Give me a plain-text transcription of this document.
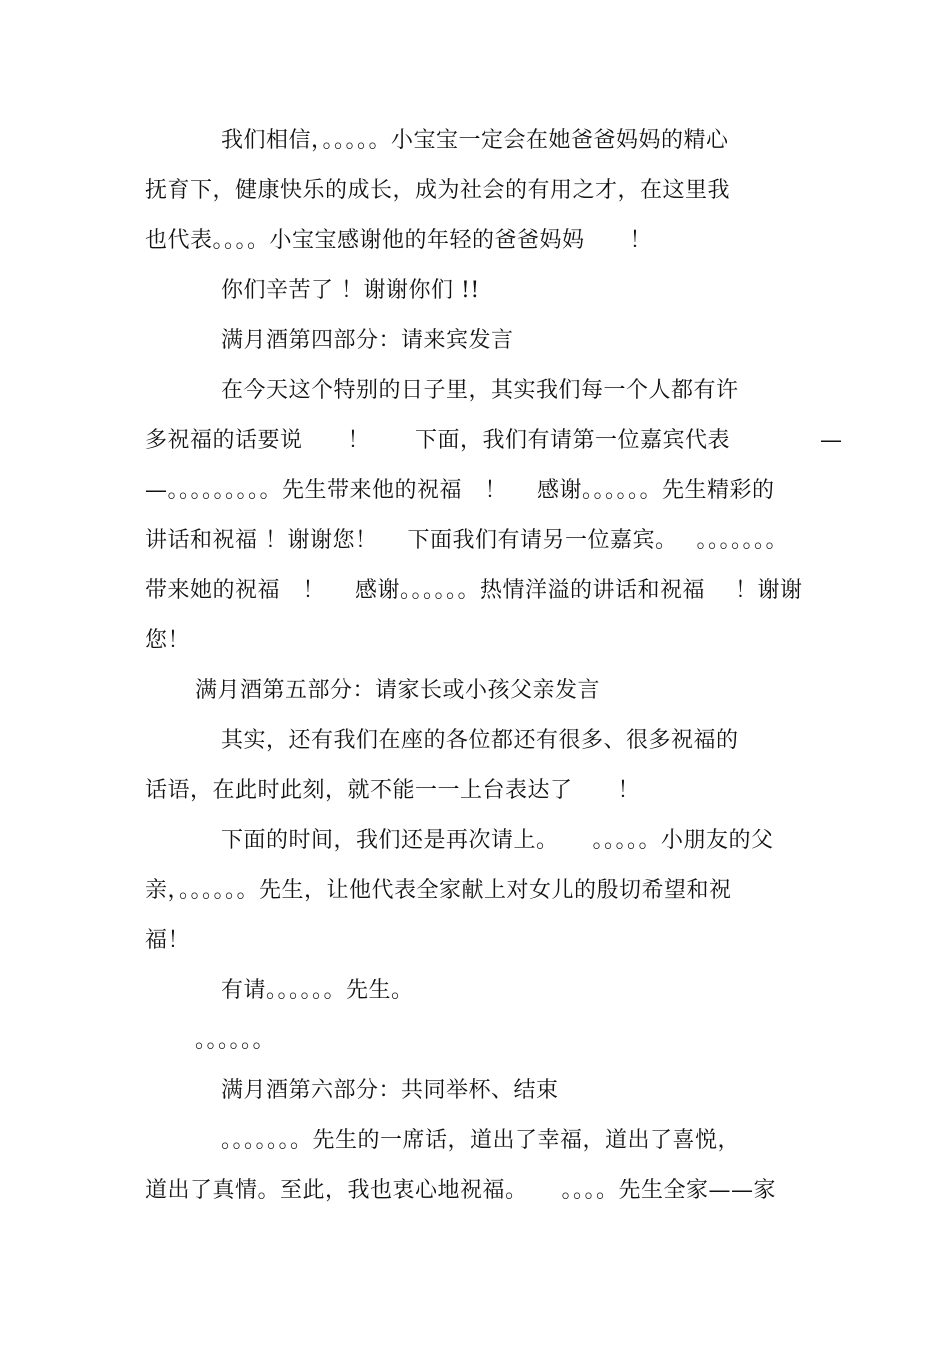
我们相信，。。。。。小宝宝一定会在她爸爸妈妈的精心
抚育下，健康快乐的成长，成为社会的有用之才，在这里我
也代表。。。。小宝宝感谢他的年轻的爸爸妈妈　　！
你们辛苦了 ！谢谢你们 !!
满月酒第四部分：请来宾发言
在今天这个特别的日子里，其实我们每一个人都有许
多祝福的话要说　　！　　下面，我们有请第一位嘉宾代表　　　　—
—。。。。。。。。。先生带来他的祝福　！　 感谢。。。。。。先生精彩的
讲话和祝福 ！谢谢您！　 下面我们有请另一位嘉宾。　 。。。。。。。
带来她的祝福　！　 感谢。。。。。。热情洋溢的讲话和祝福　 ！谢谢
您！
满月酒第五部分：请家长或小孩父亲发言
其实，还有我们在座的各位都还有很多、很多祝福的
话语，在此时此刻，就不能一一上台表达了　　！
下面的时间，我们还是再次请上。　　。。。。。小朋友的父
亲，。。。。。。先生，让他代表全家献上对女儿的殷切希望和祝
福！
有请。。。。。。先生。
。。。。。。
满月酒第六部分：共同举杯、结束
。。。。。。。先生的一席话，道出了幸福，道出了喜悦，
道出了真情。至此，我也衷心地祝福。　　。。。。先生全家——家
